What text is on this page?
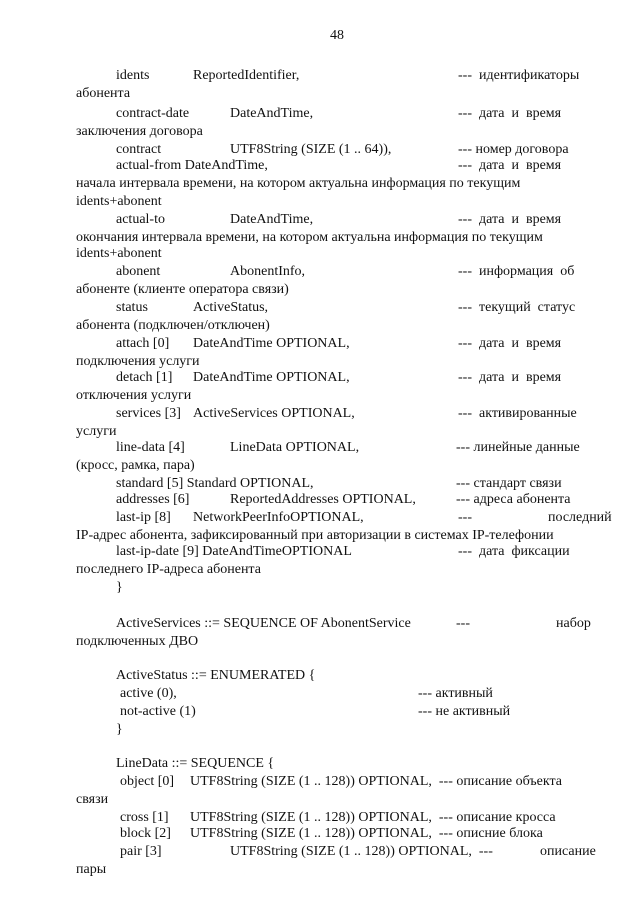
48
idents	ReportedIdentifier,	---  идентификаторы
абонента
contract-date	DateAndTime,	---  дата  и  время
заключения договора
contract	UTF8String (SIZE (1 .. 64)),	--- номер договора
actual-from DateAndTime,	---  дата  и  время
начала интервала времени, на котором актуальна информация по текущим
idents+abonent
actual-to	DateAndTime,	---  дата  и  время
окончания интервала времени, на котором актуальна информация по текущим
idents+abonent
abonent	AbonentInfo,	---  информация  об
абоненте (клиенте оператора связи)
status	ActiveStatus,	---  текущий  статус
абонента (подключен/отключен)
attach [0] DateAndTime OPTIONAL,	---  дата  и  время
подключения услуги
detach [1] DateAndTime OPTIONAL,	---  дата  и  время
отключения услуги
services [3] ActiveServices OPTIONAL,	---  активированные
услуги
line-data [4]	LineData OPTIONAL,	--- линейные данные
(кросс, рамка, пара)
standard [5] Standard OPTIONAL,	--- стандарт связи
addresses [6]	ReportedAddresses OPTIONAL,	--- адреса абонента
last-ip [8] NetworkPeerInfoOPTIONAL,	---	последний
IP-адрес абонента, зафиксированный при авторизации в системах IP-телефонии
last-ip-date [9] DateAndTimeOPTIONAL	---  дата  фиксации
последнего IP-адреса абонента
}
ActiveServices ::= SEQUENCE OF AbonentService	---	набор
подключенных ДВО
ActiveStatus ::= ENUMERATED {
active (0),	--- активный
not-active (1)	--- не активный
}
LineData ::= SEQUENCE {
object [0] UTF8String (SIZE (1 .. 128)) OPTIONAL,  --- описание объекта
связи
cross [1] UTF8String (SIZE (1 .. 128)) OPTIONAL,  --- описание кросса
block [2] UTF8String (SIZE (1 .. 128)) OPTIONAL,  --- опиcние блока
pair [3]	UTF8String (SIZE (1 .. 128)) OPTIONAL,  ---	описание
пары
